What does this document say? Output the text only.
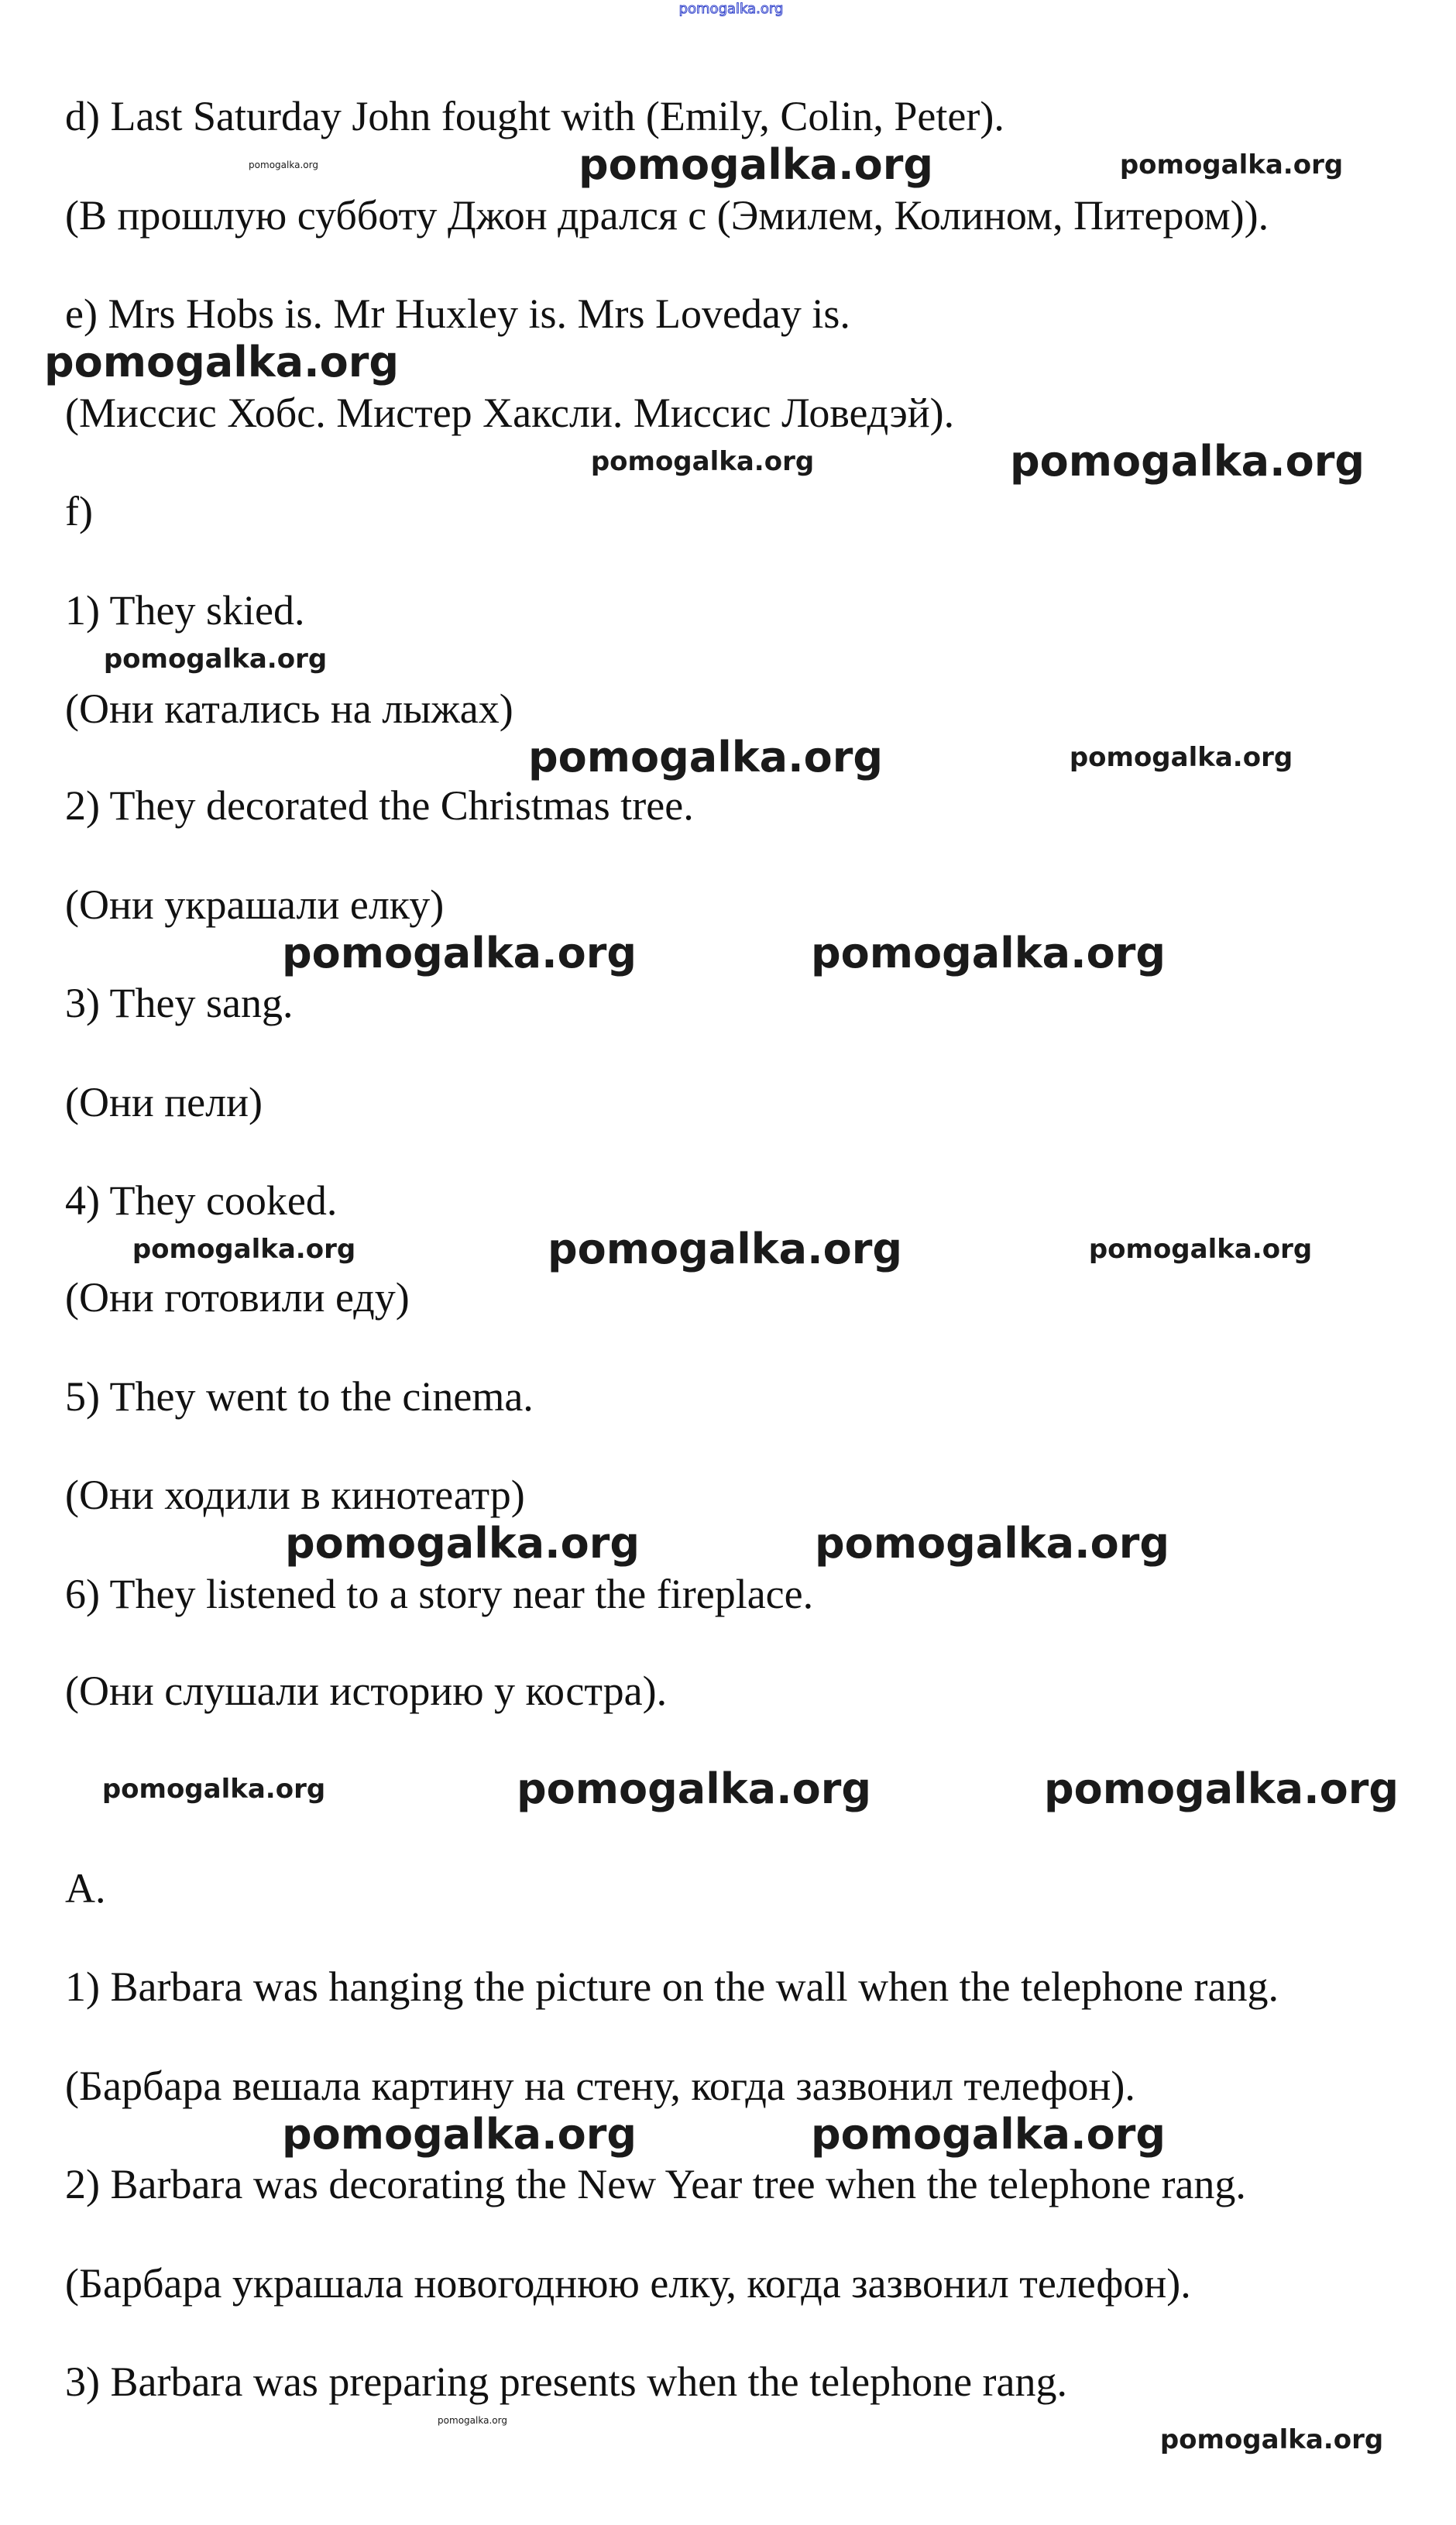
d) Last Saturday John fought with (Emily, Colin, Peter).
(В прошлую субботу Джон дрался с (Эмилем, Колином, Питером)).
e) Mrs Hobs is. Mr Huxley is. Mrs Loveday is.
(Миссис Хобс. Мистер Хаксли. Миссис Ловедэй).
f)
1) They skied.
(Они катались на лыжах)
2) They decorated the Christmas tree.
(Они украшали елку)
3) They sang.
(Они пели)
4) They cooked.
(Они готовили еду)
5) They went to the cinema.
(Они ходили в кинотеатр)
6) They listened to a story near the fireplace.
(Они слушали историю у костра).
A.
1) Barbara was hanging the picture on the wall when the telephone rang.
(Барбара вешала картину на стену, когда зазвонил телефон).
2) Barbara was decorating the New Year tree when the telephone rang.
(Барбара украшала новогоднюю елку, когда зазвонил телефон).
3) Barbara was preparing presents when the telephone rang.
pomogalka.org
pomogalka.org
pomogalka.org
pomogalka.org
pomogalka.org
pomogalka.org
pomogalka.org
pomogalka.org	pomogalka.org
pomogalka.org
pomogalka.org	pomogalka.org
pomogalka.org	pomogalka.org
pomogalka.org	pomogalka.org
pomogalka.org
pomogalka.org
pomogalka.org
pomogalka.org
pomogalka.org	pomogalka.org
pomogalka.org
pomogalka.org
